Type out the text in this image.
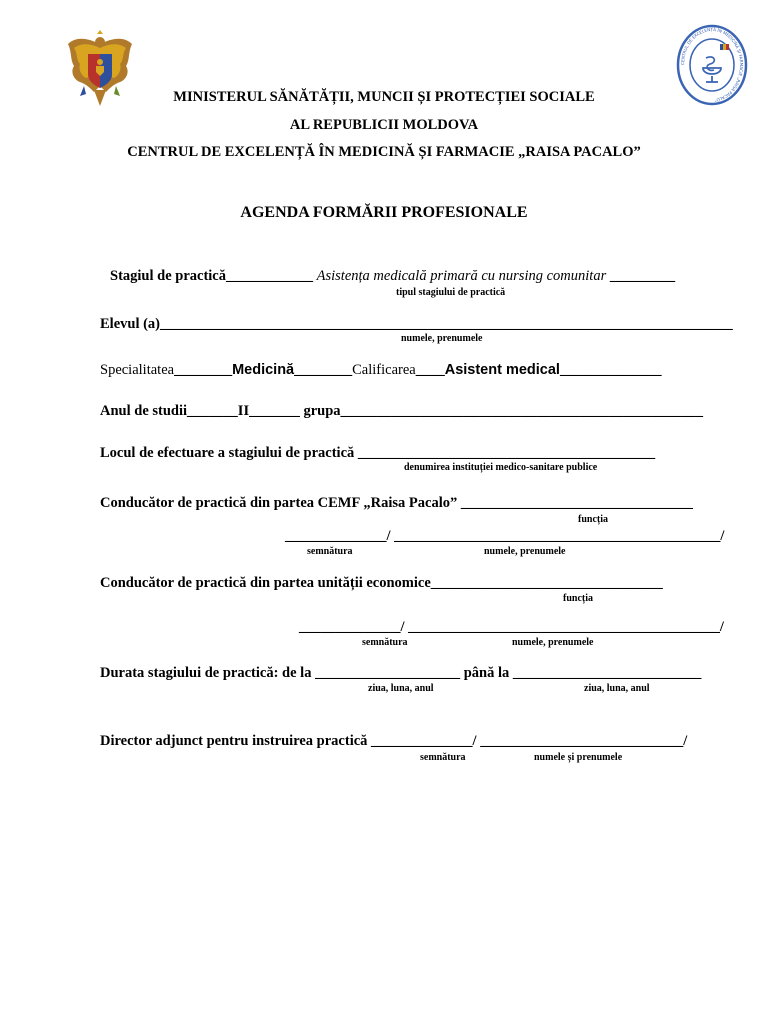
CENTRUL DE EXCELENȚĂ ÎN MEDICINĂ ȘI FARMACIE „RAISA PACALO”
MINISTERUL SĂNĂTĂȚII, MUNCII ȘI PROTECȚIEI SOCIALE
AL REPUBLICII MOLDOVA
CENTRUL DE EXCELENȚĂ ÎN MEDICINĂ ȘI FARMACIE „RAISA PACALO”
AGENDA FORMĂRII PROFESIONALE
Stagiul de practică____________ Asistența medicală primară cu nursing comunitar _________
tipul stagiului de practică
Elevul (a)_______________________________________________________________________________
numele, prenumele
Specialitatea________Medicină________Calificarea____Asistent medical______________
Anul de studii_______II_______ grupa__________________________________________________
Locul de efectuare a stagiului de practică _________________________________________
denumirea instituției medico-sanitare publice
Conducător de practică din partea CEMF „Raisa Pacalo” ________________________________
funcția
______________/ _____________________________________________/
semnătura	numele, prenumele
Conducător de practică din partea unității economice________________________________
funcția
______________/ ___________________________________________/
semnătura	numele, prenumele
Durata stagiului de practică: de la ____________________ până la __________________________
ziua, luna, anul	ziua, luna, anul
Director adjunct pentru instruirea practică ______________/ ____________________________/
semnătura	numele și prenumele
